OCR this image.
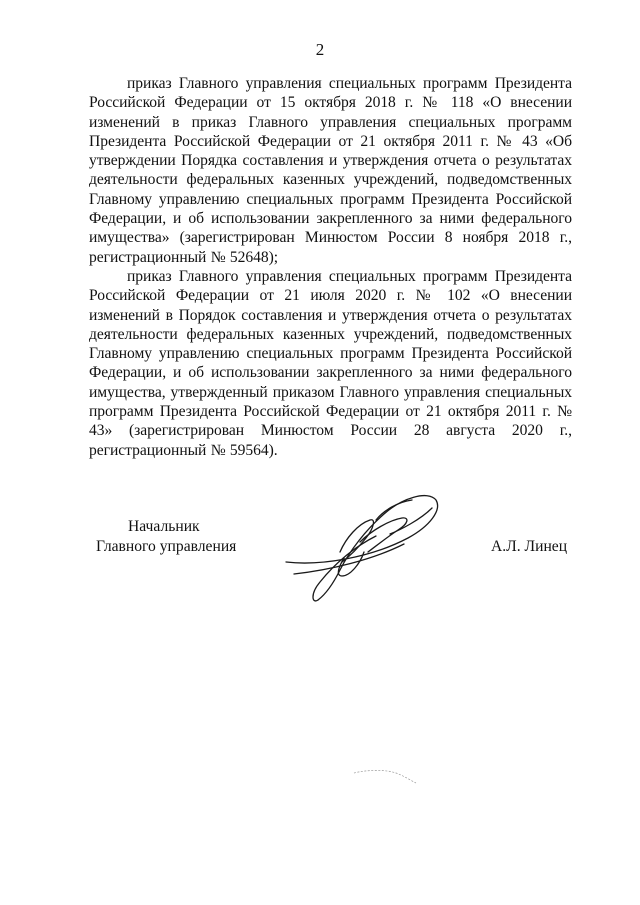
2

приказ Главного управления специальных программ Президента Российской Федерации от 15 октября 2018 г. № 118 «О внесении изменений в приказ Главного управления специальных программ Президента Российской Федерации от 21 октября 2011 г. № 43 «Об утверждении Порядка составления и утверждения отчета о результатах деятельности федеральных казенных учреждений, подведомственных Главному управлению специальных программ Президента Российской Федерации, и об использовании закрепленного за ними федерального имущества» (зарегистрирован Минюстом России 8 ноября 2018 г., регистрационный № 52648);

приказ Главного управления специальных программ Президента Российской Федерации от 21 июля 2020 г. № 102 «О внесении изменений в Порядок составления и утверждения отчета о результатах деятельности федеральных казенных учреждений, подведомственных Главному управлению специальных программ Президента Российской Федерации, и об использовании закрепленного за ними федерального имущества, утвержденный приказом Главного управления специальных программ Президента Российской Федерации от 21 октября 2011 г. № 43» (зарегистрирован Минюстом России 28 августа 2020 г., регистрационный № 59564).

Начальник

Главного управления	А.Л. Линец
